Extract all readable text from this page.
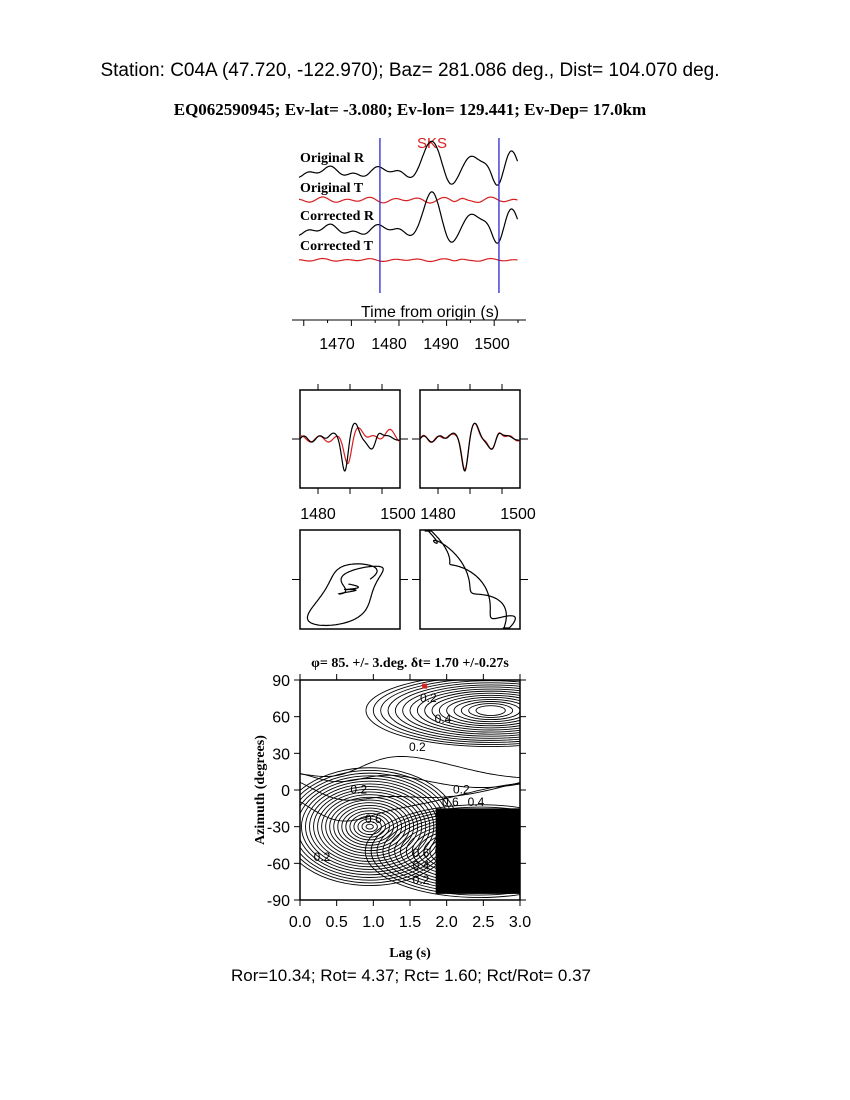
Station: C04A (47.720, -122.970); Baz= 281.086 deg., Dist= 104.070 deg.
EQ062590945; Ev-lat= -3.080; Ev-lon= 129.441; Ev-Dep= 17.0km
SKS
Original R
Original T
Corrected R
Corrected T
Time from origin (s)
1470 1480 1490 1500
1480	1500 1480	1500
φ= 85. +/- 3.deg. δt= 1.70 +/-0.27s
0.2
0.4
0.2
0.2	0.2
0.4
0.6	0.8
0.4
0.6
0.2
0.2
0.6
0.4
0.2
90
60
30
0
-30
-60
-90
0.0 0.5 1.0 1.5 2.0 2.5 3.0
Azimuth (degrees)
Lag (s)
Ror=10.34; Rot= 4.37; Rct= 1.60; Rct/Rot= 0.37
